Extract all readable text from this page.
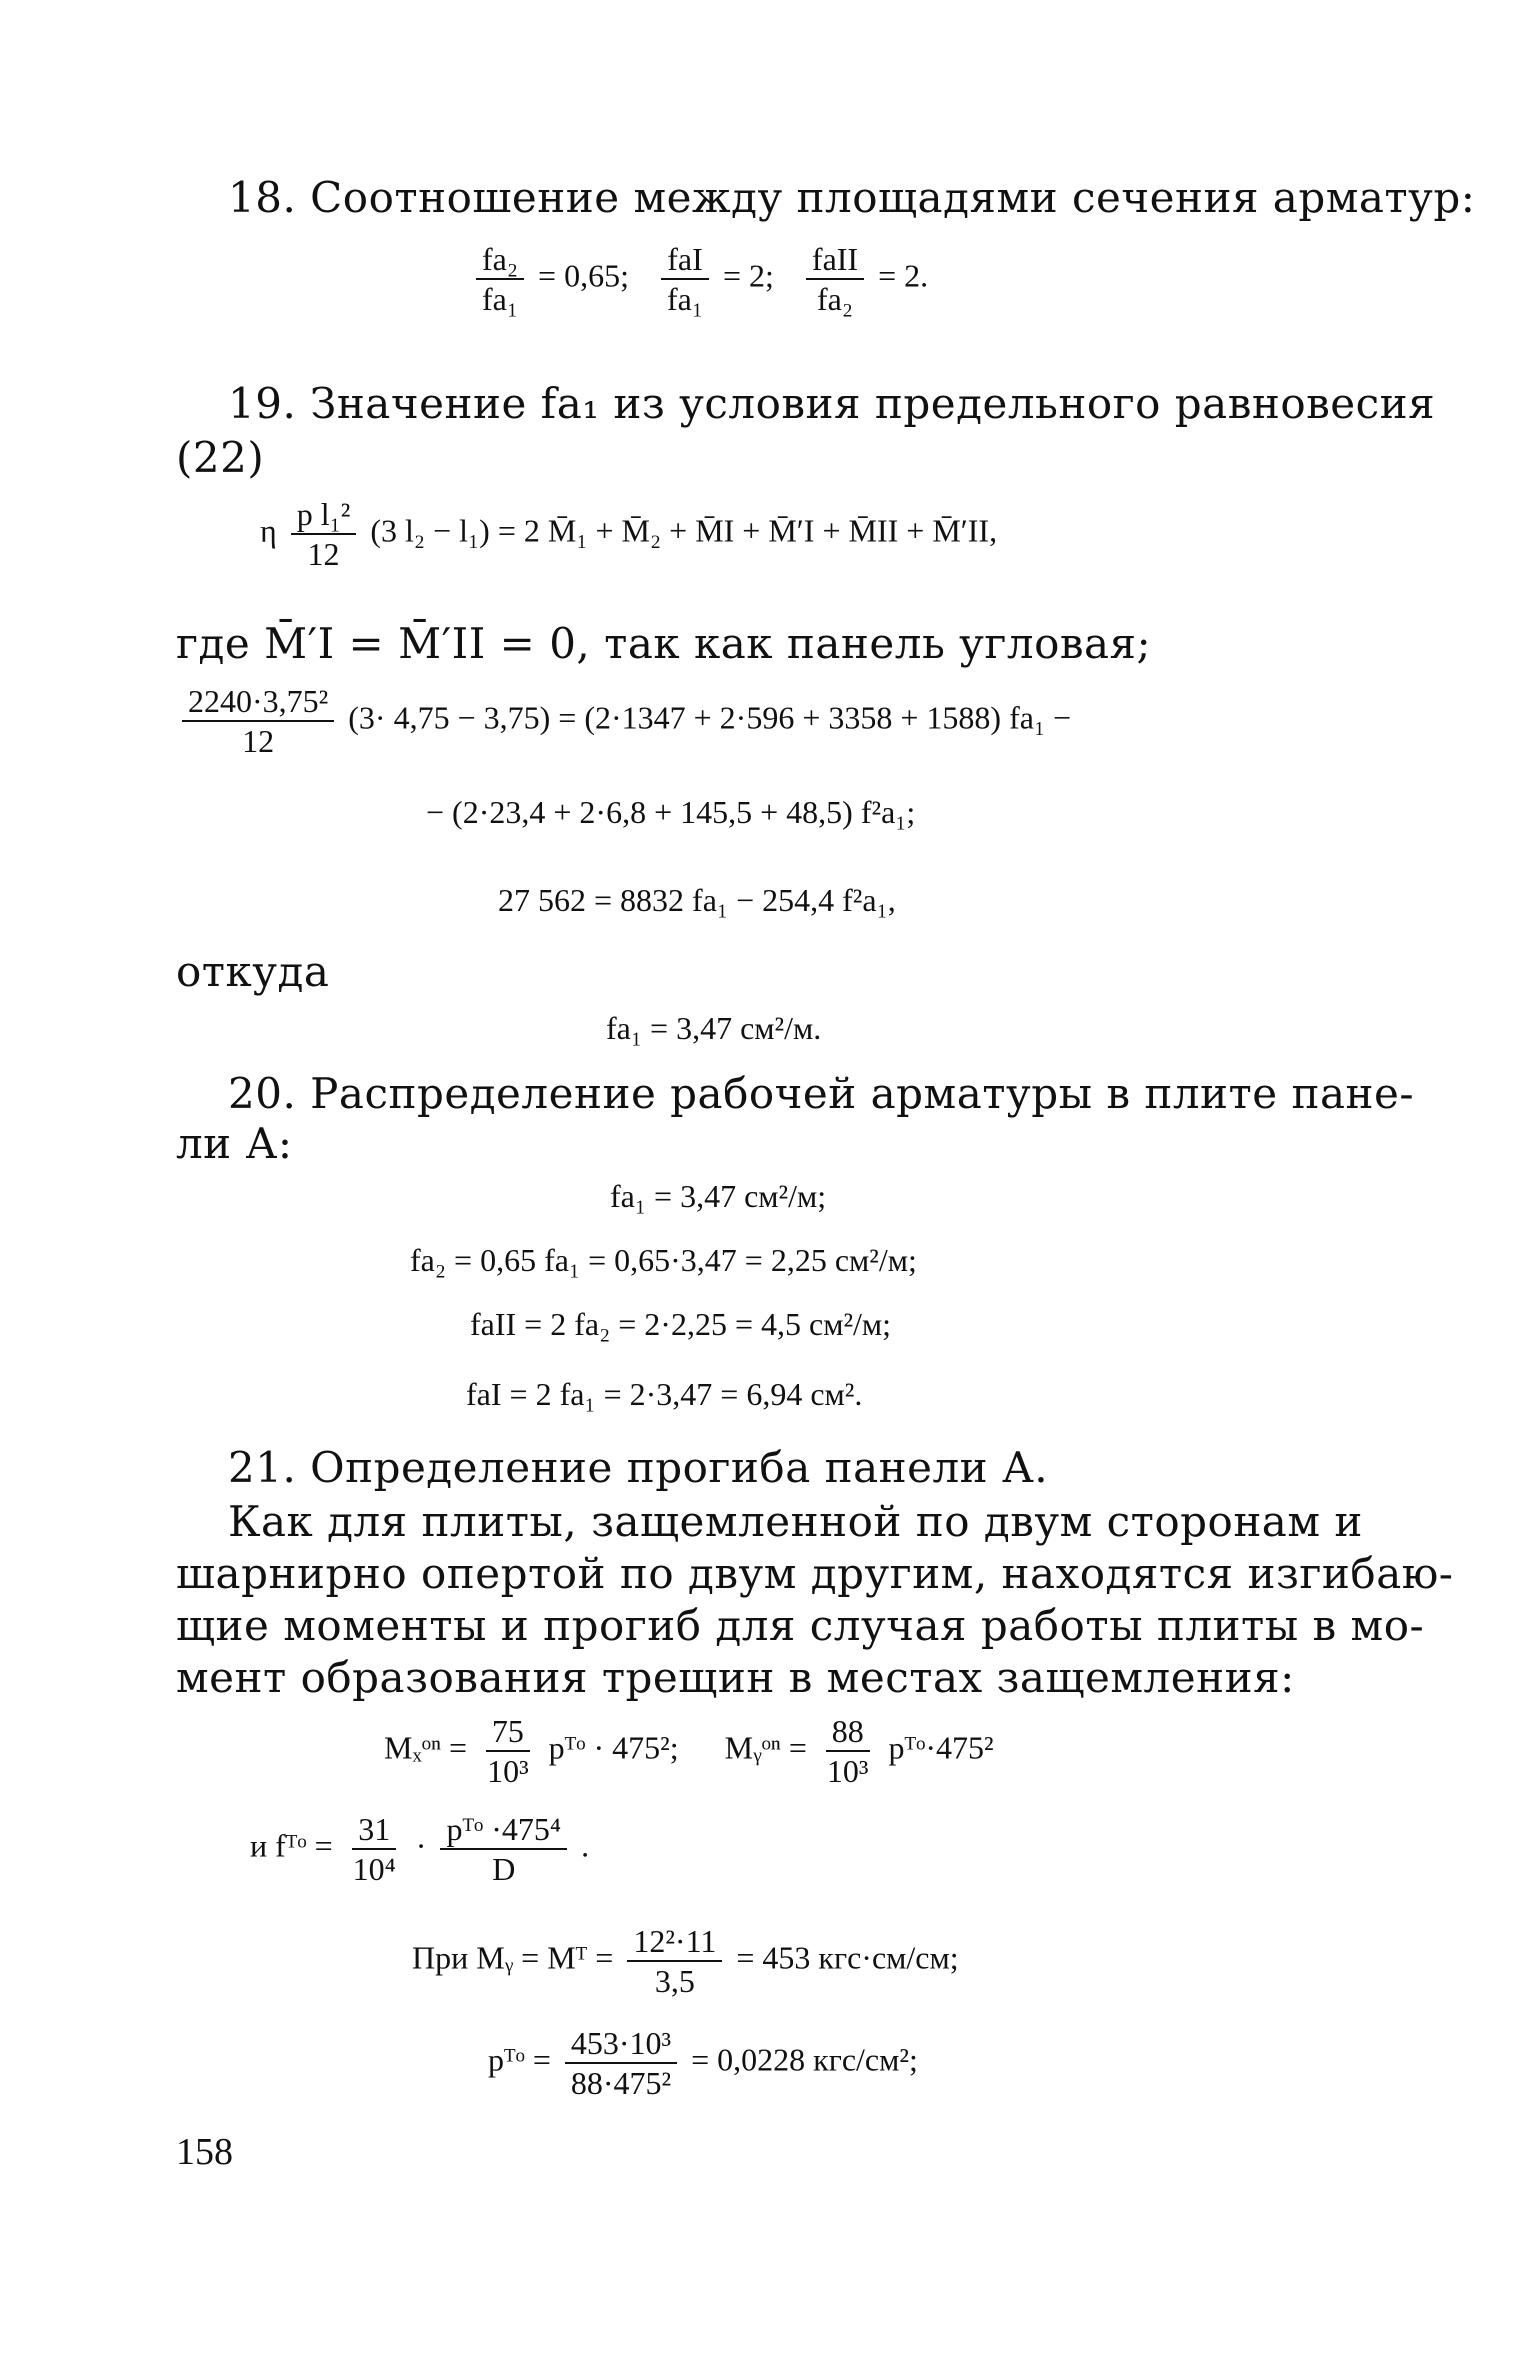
18. Соотношение между площадями сечения арматур:
$\frac{\text{fa₂}}{\text{fa₁}} = 0,65$; $\frac{\text{faI}}{\text{fa₁}} = 2$; $\frac{\text{faII}}{\text{fa₂}} = 2$.
19. Значение fa₁ из условия предельного равновесия
(22)
η $\frac{\text{p l₁²}}{12} (3$ l₂ − l₁) = 2 M̄₁ + M̄₂ + M̄I + M̄′I + M̄II + M̄′II,
где M̄′I = M̄′II = 0, так как панель угловая;
$\frac{\text{2240·3,75²}}{12} (3\cdot 4,75 - 3,75) = (2\cdot 1347 + 2\cdot 596 + 3358 + 1588) fa_1$ −
− (2·23,4 + 2·6,8 + 145,5 + 48,5) f²a₁;
27 562 = 8832 fa₁ − 254,4 f²a₁,
откуда
fa₁ = 3,47 см²/м.
20. Распределение рабочей арматуры в плите пане-
ли А:
fa₁ = 3,47 см²/м;
fa₂ = 0,65 fa₁ = 0,65·3,47 = 2,25 см²/м;
faII = 2 fa₂ = 2·2,25 = 4,5 см²/м;
faI = 2 fa₁ = 2·3,47 = 6,94 см².
21. Определение прогиба панели А.
Как для плиты, защемленной по двум сторонам и
шарнирно опертой по двум другим, находятся изгибаю-
щие моменты и прогиб для случая работы плиты в мо-
мент образования трещин в местах защемления:
Mₓᵒⁿ = $\frac{75}{\text{10³}}$ pᵀᵒ · 475²; Mᵧᵒⁿ = $\frac{88}{\text{10³}}$ pᵀᵒ·475²
и fᵀᵒ = $\frac{31}{\text{10⁴}} \cdot \frac{\text{pᵀᵒ ·475⁴}}{D}$ .
При Mᵧ = Mᵀ = $\frac{\text{12²·11}}{3,5} = 453$ кгс·см/см;
pᵀᵒ = $\frac{\text{453·10³}}{\text{88·475²}} = 0,0228$ кгс/см²;
158
